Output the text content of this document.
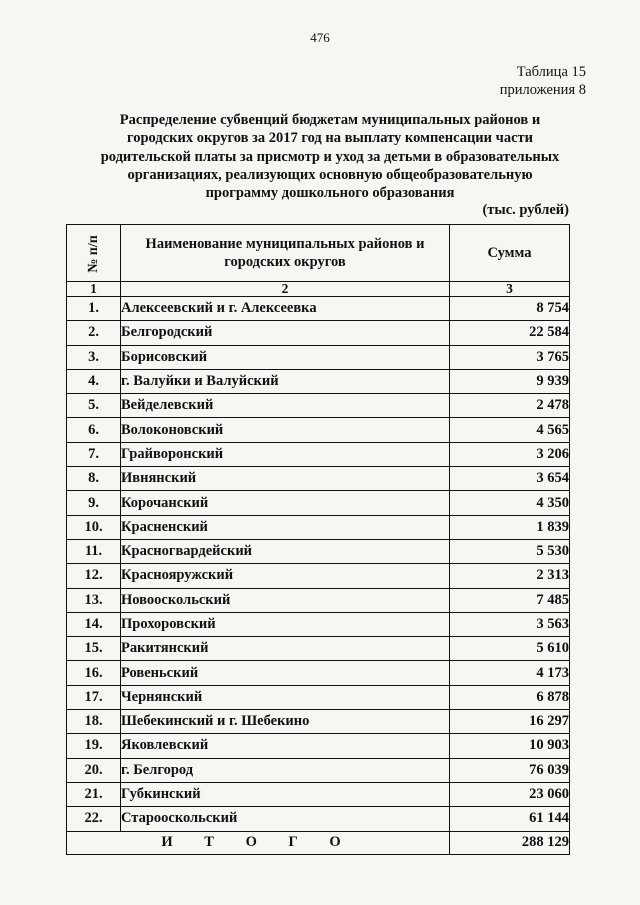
476
Таблица 15
приложения 8
Распределение субвенций бюджетам муниципальных районов и
городских округов за 2017 год на выплату компенсации части
родительской платы за присмотр и уход за детьми в образовательных
организациях, реализующих основную общеобразовательную
программу дошкольного образования
(тыс. рублей)
№ п/п	Наименование муниципальных районов и городских округов	Сумма
1	2	3
1.	Алексеевский и г. Алексеевка	8 754
2.	Белгородский	22 584
3.	Борисовский	3 765
4.	г. Валуйки и Валуйский	9 939
5.	Вейделевский	2 478
6.	Волоконовский	4 565
7.	Грайворонский	3 206
8.	Ивнянский	3 654
9.	Корочанский	4 350
10.	Красненский	1 839
11.	Красногвардейский	5 530
12.	Краснояружский	2 313
13.	Новооскольский	7 485
14.	Прохоровский	3 563
15.	Ракитянский	5 610
16.	Ровеньский	4 173
17.	Чернянский	6 878
18.	Шебекинский и г. Шебекино	16 297
19.	Яковлевский	10 903
20.	г. Белгород	76 039
21.	Губкинский	23 060
22.	Старооскольский	61 144
И Т О Г О		288 129
